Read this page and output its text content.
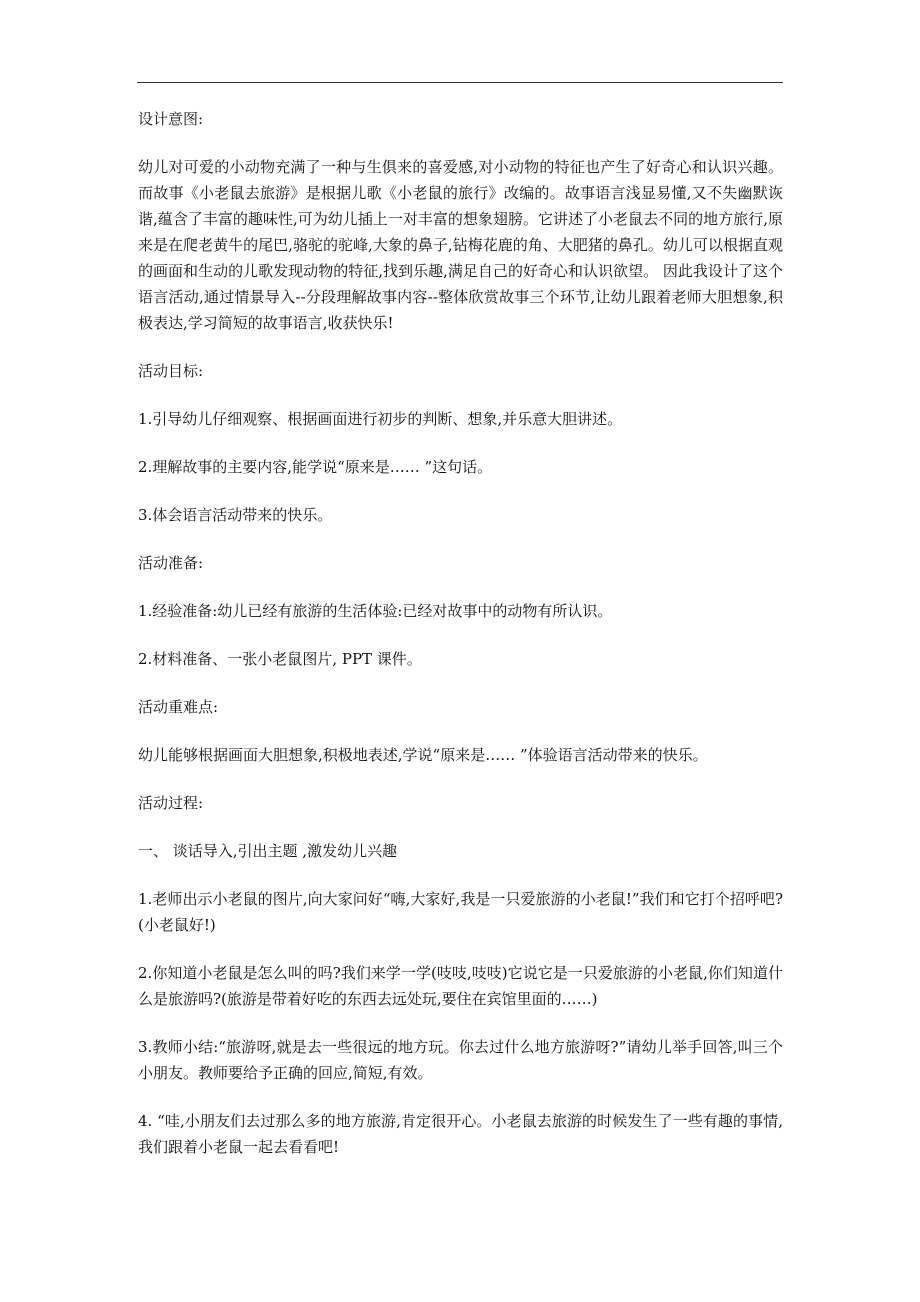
设计意图:

幼儿对可爱的小动物充满了一种与生俱来的喜爱感,对小动物的特征也产生了好奇心和认识兴趣。而故事《小老鼠去旅游》是根据儿歌《小老鼠的旅行》改编的。故事语言浅显易懂,又不失幽默诙谐,蕴含了丰富的趣味性,可为幼儿插上一对丰富的想象翅膀。它讲述了小老鼠去不同的地方旅行,原来是在爬老黄牛的尾巴,骆驼的驼峰,大象的鼻子,钻梅花鹿的角、大肥猪的鼻孔。幼儿可以根据直观的画面和生动的儿歌发现动物的特征,找到乐趣,满足自己的好奇心和认识欲望。 因此我设计了这个语言活动,通过情景导入--分段理解故事内容--整体欣赏故事三个环节,让幼儿跟着老师大胆想象,积极表达,学习简短的故事语言,收获快乐!

活动目标:

1.引导幼儿仔细观察、根据画面进行初步的判断、想象,并乐意大胆讲述。

2.理解故事的主要内容,能学说“原来是…… ”这句话。

3.体会语言活动带来的快乐。

活动准备:

1.经验准备:幼儿已经有旅游的生活体验:已经对故事中的动物有所认识。

2.材料准备、一张小老鼠图片, PPT 课件。

活动重难点:

幼儿能够根据画面大胆想象,积极地表述,学说“原来是…… ”体验语言活动带来的快乐。

活动过程:

一、 谈话导入,引出主题 ,激发幼儿兴趣

1.老师出示小老鼠的图片,向大家问好“嗨,大家好,我是一只爱旅游的小老鼠!”我们和它打个招呼吧?(小老鼠好!)

2.你知道小老鼠是怎么叫的吗?我们来学一学(吱吱,吱吱)它说它是一只爱旅游的小老鼠,你们知道什么是旅游吗?(旅游是带着好吃的东西去远处玩,要住在宾馆里面的……)

3.教师小结:“旅游呀,就是去一些很远的地方玩。你去过什么地方旅游呀?”请幼儿举手回答,叫三个小朋友。教师要给予正确的回应,简短,有效。

4. “哇,小朋友们去过那么多的地方旅游,肯定很开心。小老鼠去旅游的时候发生了一些有趣的事情,我们跟着小老鼠一起去看看吧!
